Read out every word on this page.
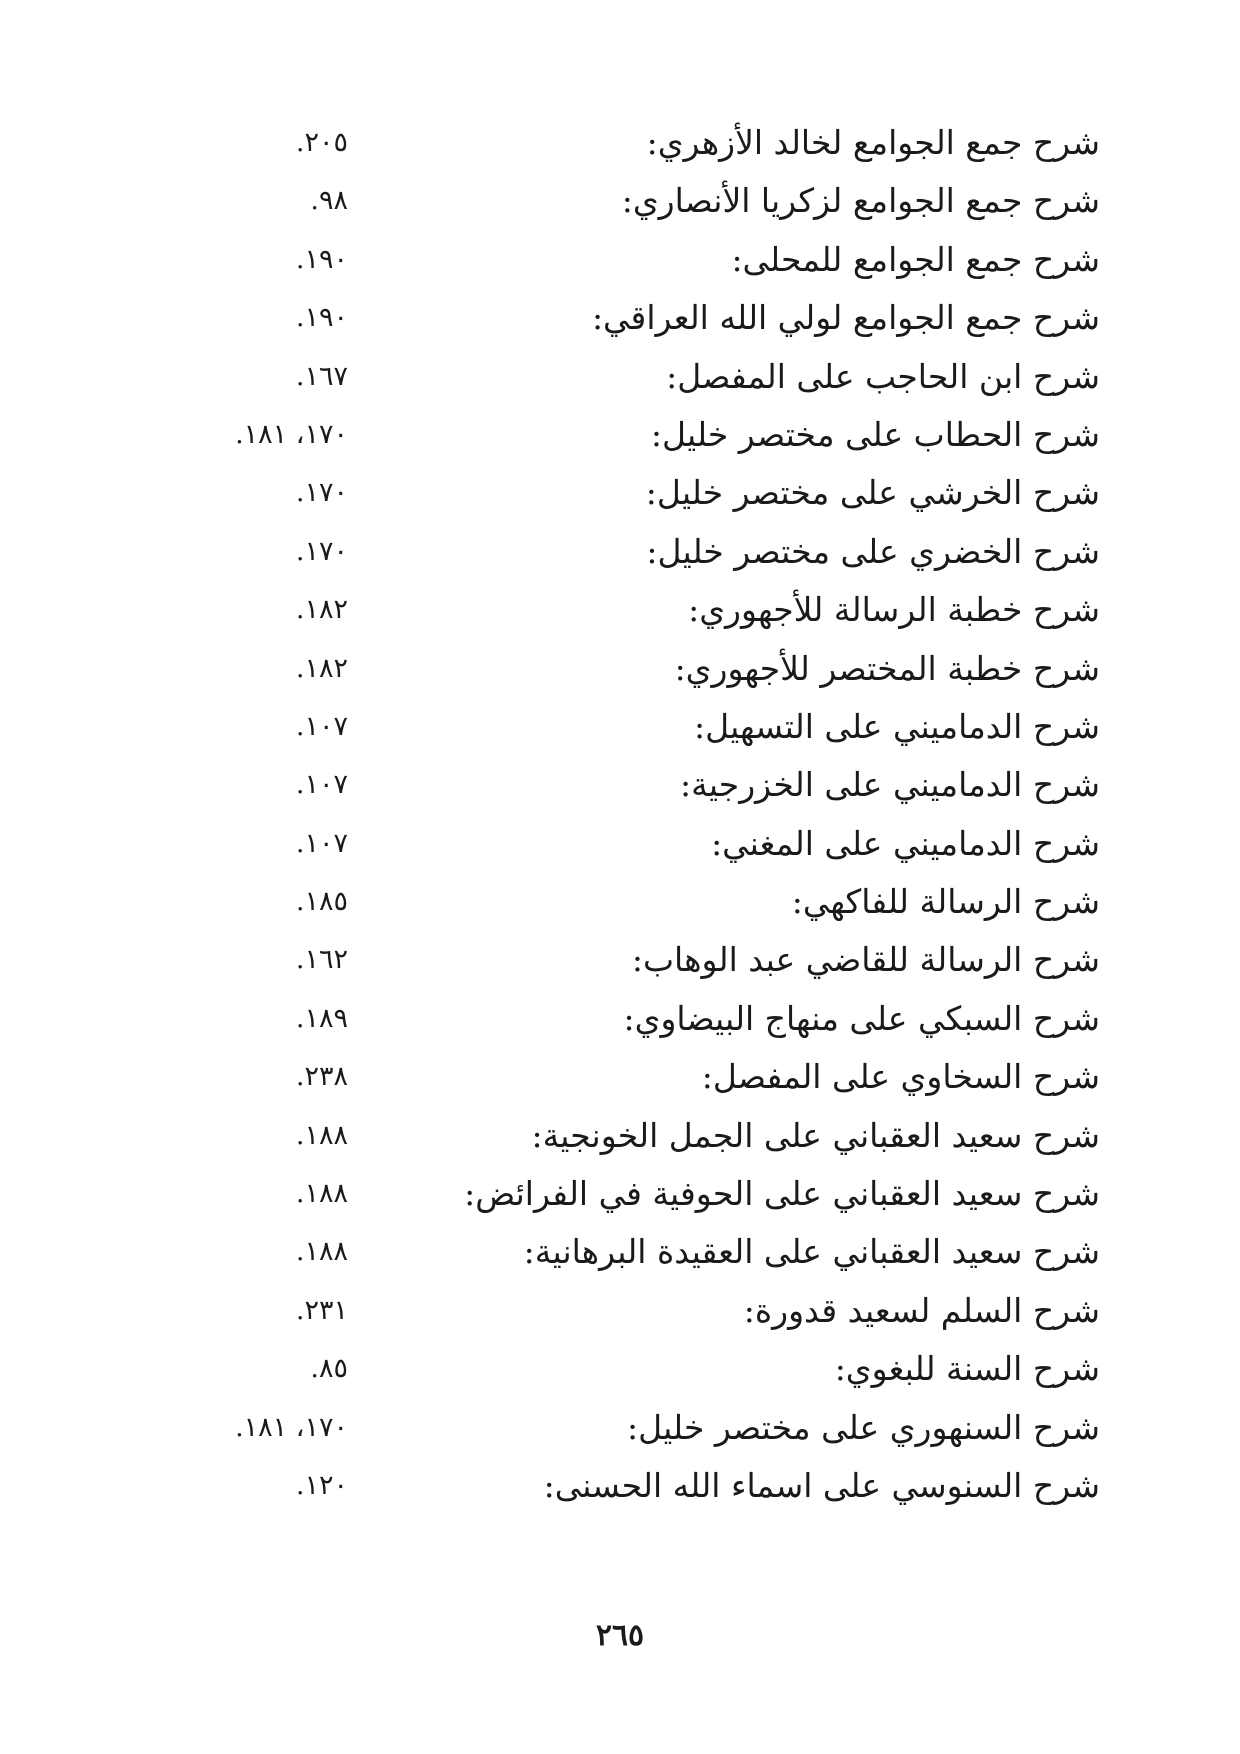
شرح جمع الجوامع لخالد الأزهري:
٢٠٥.
شرح جمع الجوامع لزكريا الأنصاري:
٩٨.
شرح جمع الجوامع للمحلى:
١٩٠.
شرح جمع الجوامع لولي الله العراقي:
١٩٠.
شرح ابن الحاجب على المفصل:
١٦٧.
شرح الحطاب على مختصر خليل:
١٧٠، ١٨١.
شرح الخرشي على مختصر خليل:
١٧٠.
شرح الخضري على مختصر خليل:
١٧٠.
شرح خطبة الرسالة للأجهوري:
١٨٢.
شرح خطبة المختصر للأجهوري:
١٨٢.
شرح الدماميني على التسهيل:
١٠٧.
شرح الدماميني على الخزرجية:
١٠٧.
شرح الدماميني على المغني:
١٠٧.
شرح الرسالة للفاكهي:
١٨٥.
شرح الرسالة للقاضي عبد الوهاب:
١٦٢.
شرح السبكي على منهاج البيضاوي:
١٨٩.
شرح السخاوي على المفصل:
٢٣٨.
شرح سعيد العقباني على الجمل الخونجية:
١٨٨.
شرح سعيد العقباني على الحوفية في الفرائض:
١٨٨.
شرح سعيد العقباني على العقيدة البرهانية:
١٨٨.
شرح السلم لسعيد قدورة:
٢٣١.
شرح السنة للبغوي:
٨٥.
شرح السنهوري على مختصر خليل:
١٧٠، ١٨١.
شرح السنوسي على اسماء الله الحسنى:
١٢٠.
٢٦٥
